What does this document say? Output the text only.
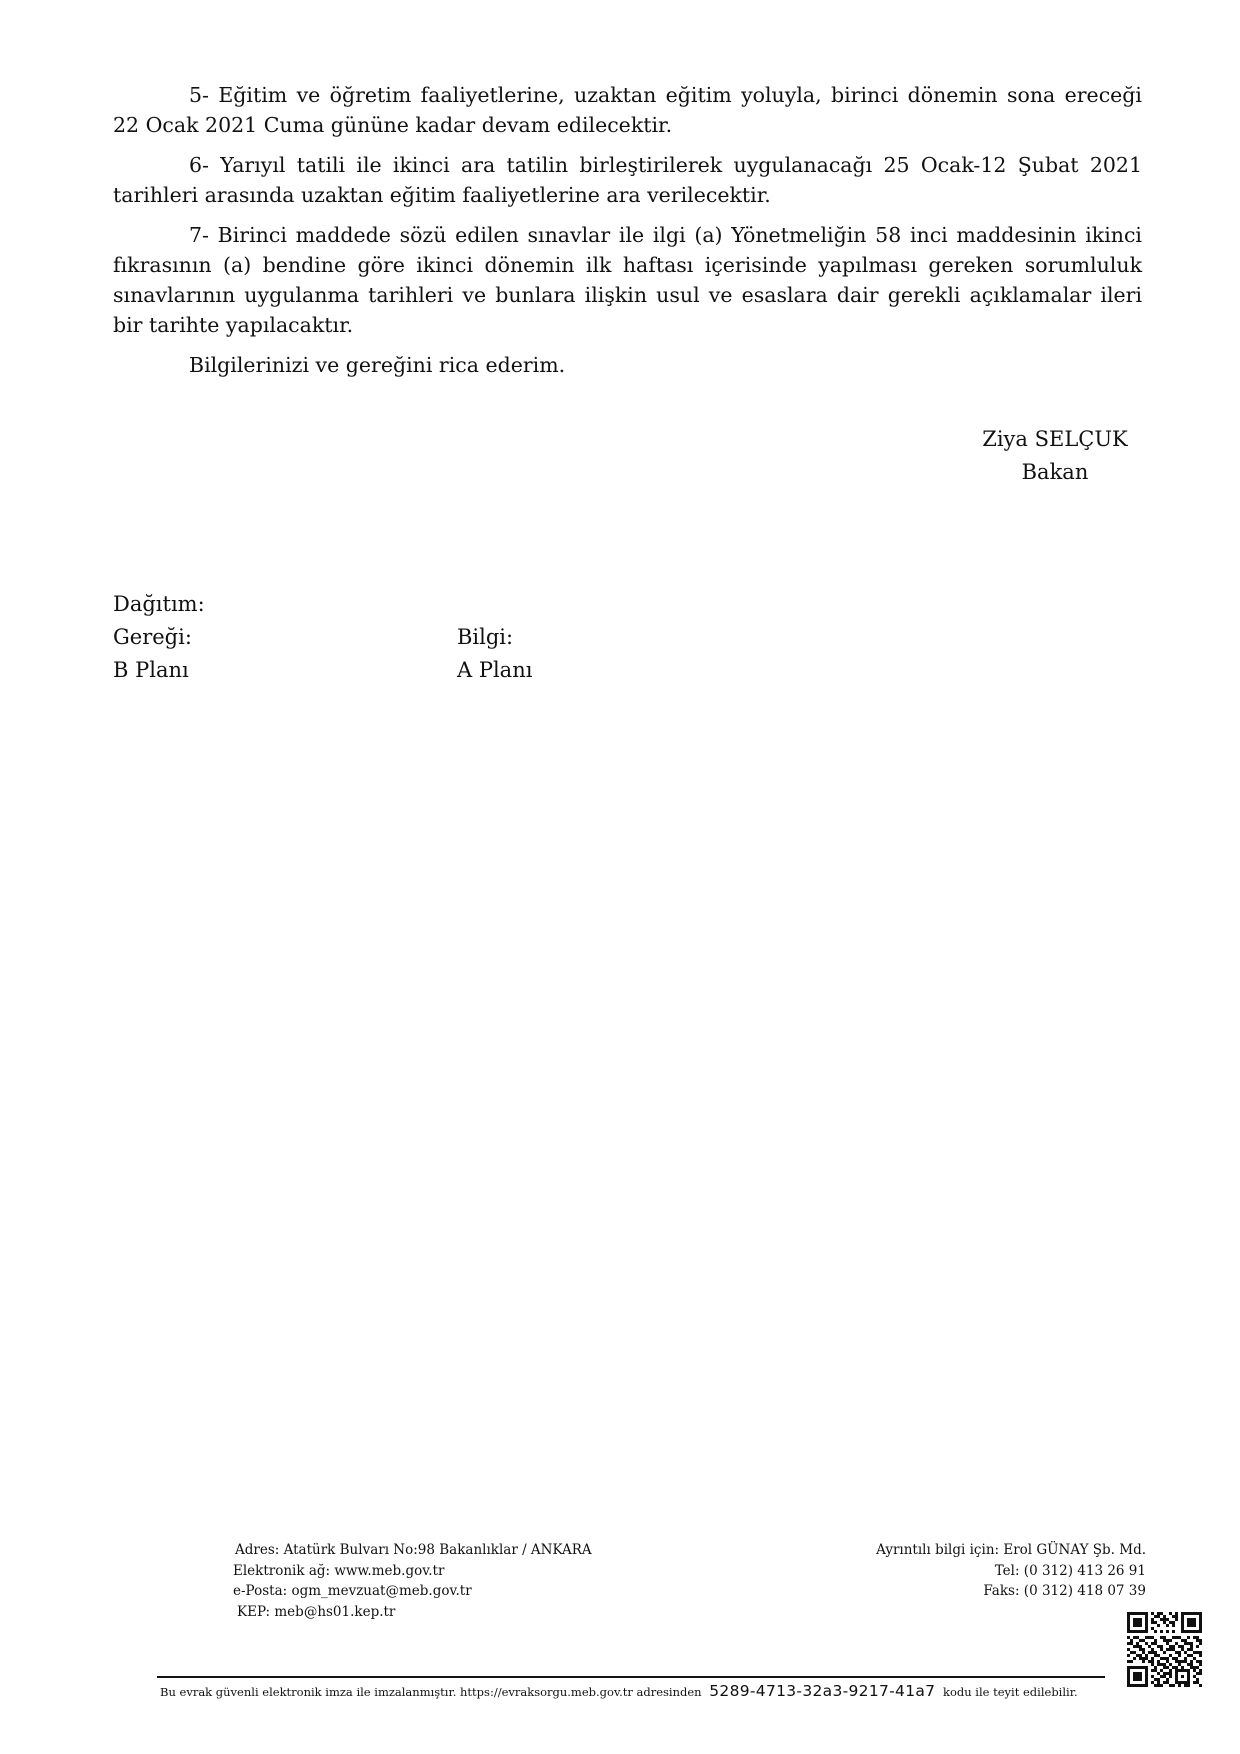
5- Eğitim ve öğretim faaliyetlerine, uzaktan eğitim yoluyla, birinci dönemin sona ereceği 22 Ocak 2021 Cuma gününe kadar devam edilecektir.

6- Yarıyıl tatili ile ikinci ara tatilin birleştirilerek uygulanacağı 25 Ocak-12 Şubat 2021 tarihleri arasında uzaktan eğitim faaliyetlerine ara verilecektir.

7- Birinci maddede sözü edilen sınavlar ile ilgi (a) Yönetmeliğin 58 inci maddesinin ikinci fıkrasının (a) bendine göre ikinci dönemin ilk haftası içerisinde yapılması gereken sorumluluk sınavlarının uygulanma tarihleri ve bunlara ilişkin usul ve esaslara dair gerekli açıklamalar ileri bir tarihte yapılacaktır.

Bilgilerinizi ve gereğini rica ederim.

Ziya SELÇUK
Bakan
Dağıtım:
Gereği:	Bilgi:
B Planı	A Planı
Adres: Atatürk Bulvarı No:98 Bakanlıklar / ANKARA
Elektronik ağ: www.meb.gov.tr
e-Posta: ogm_mevzuat@meb.gov.tr
KEP: meb@hs01.kep.tr
Ayrıntılı bilgi için: Erol GÜNAY Şb. Md.
Tel: (0 312) 413 26 91
Faks: (0 312) 418 07 39
Bu evrak güvenli elektronik imza ile imzalanmıştır. https://evraksorgu.meb.gov.tr adresinden 5289-4713-32a3-9217-41a7 kodu ile teyit edilebilir.
